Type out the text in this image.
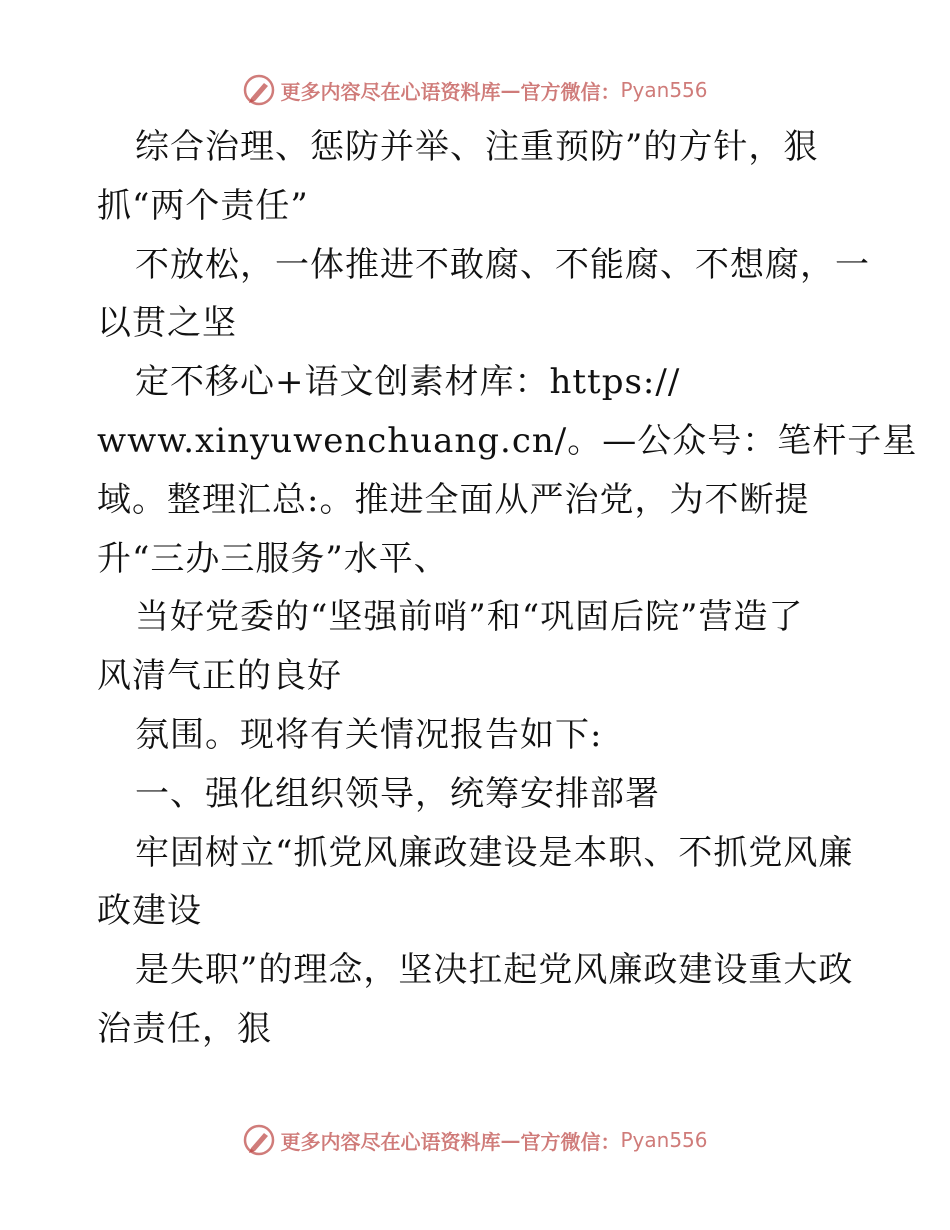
更多内容尽在心语资料库 — 官方微信： Pyan556
综合治理、惩防并举、注重预防”的方针，狠
抓“两个责任”
不放松，一体推进不敢腐、不能腐、不想腐，一
以贯之坚
定不移心+语文创素材库：https://
www.xinyuwenchuang.cn/。—公众号：笔杆子星
域。整理汇总:。推进全面从严治党，为不断提
升“三办三服务”水平、
当好党委的“坚强前哨”和“巩固后院”营造了
风清气正的良好
氛围。现将有关情况报告如下:
一、强化组织领导，统筹安排部署
牢固树立“抓党风廉政建设是本职、不抓党风廉
政建设
是失职”的理念，坚决扛起党风廉政建设重大政
治责任，狠
更多内容尽在心语资料库 — 官方微信： Pyan556
